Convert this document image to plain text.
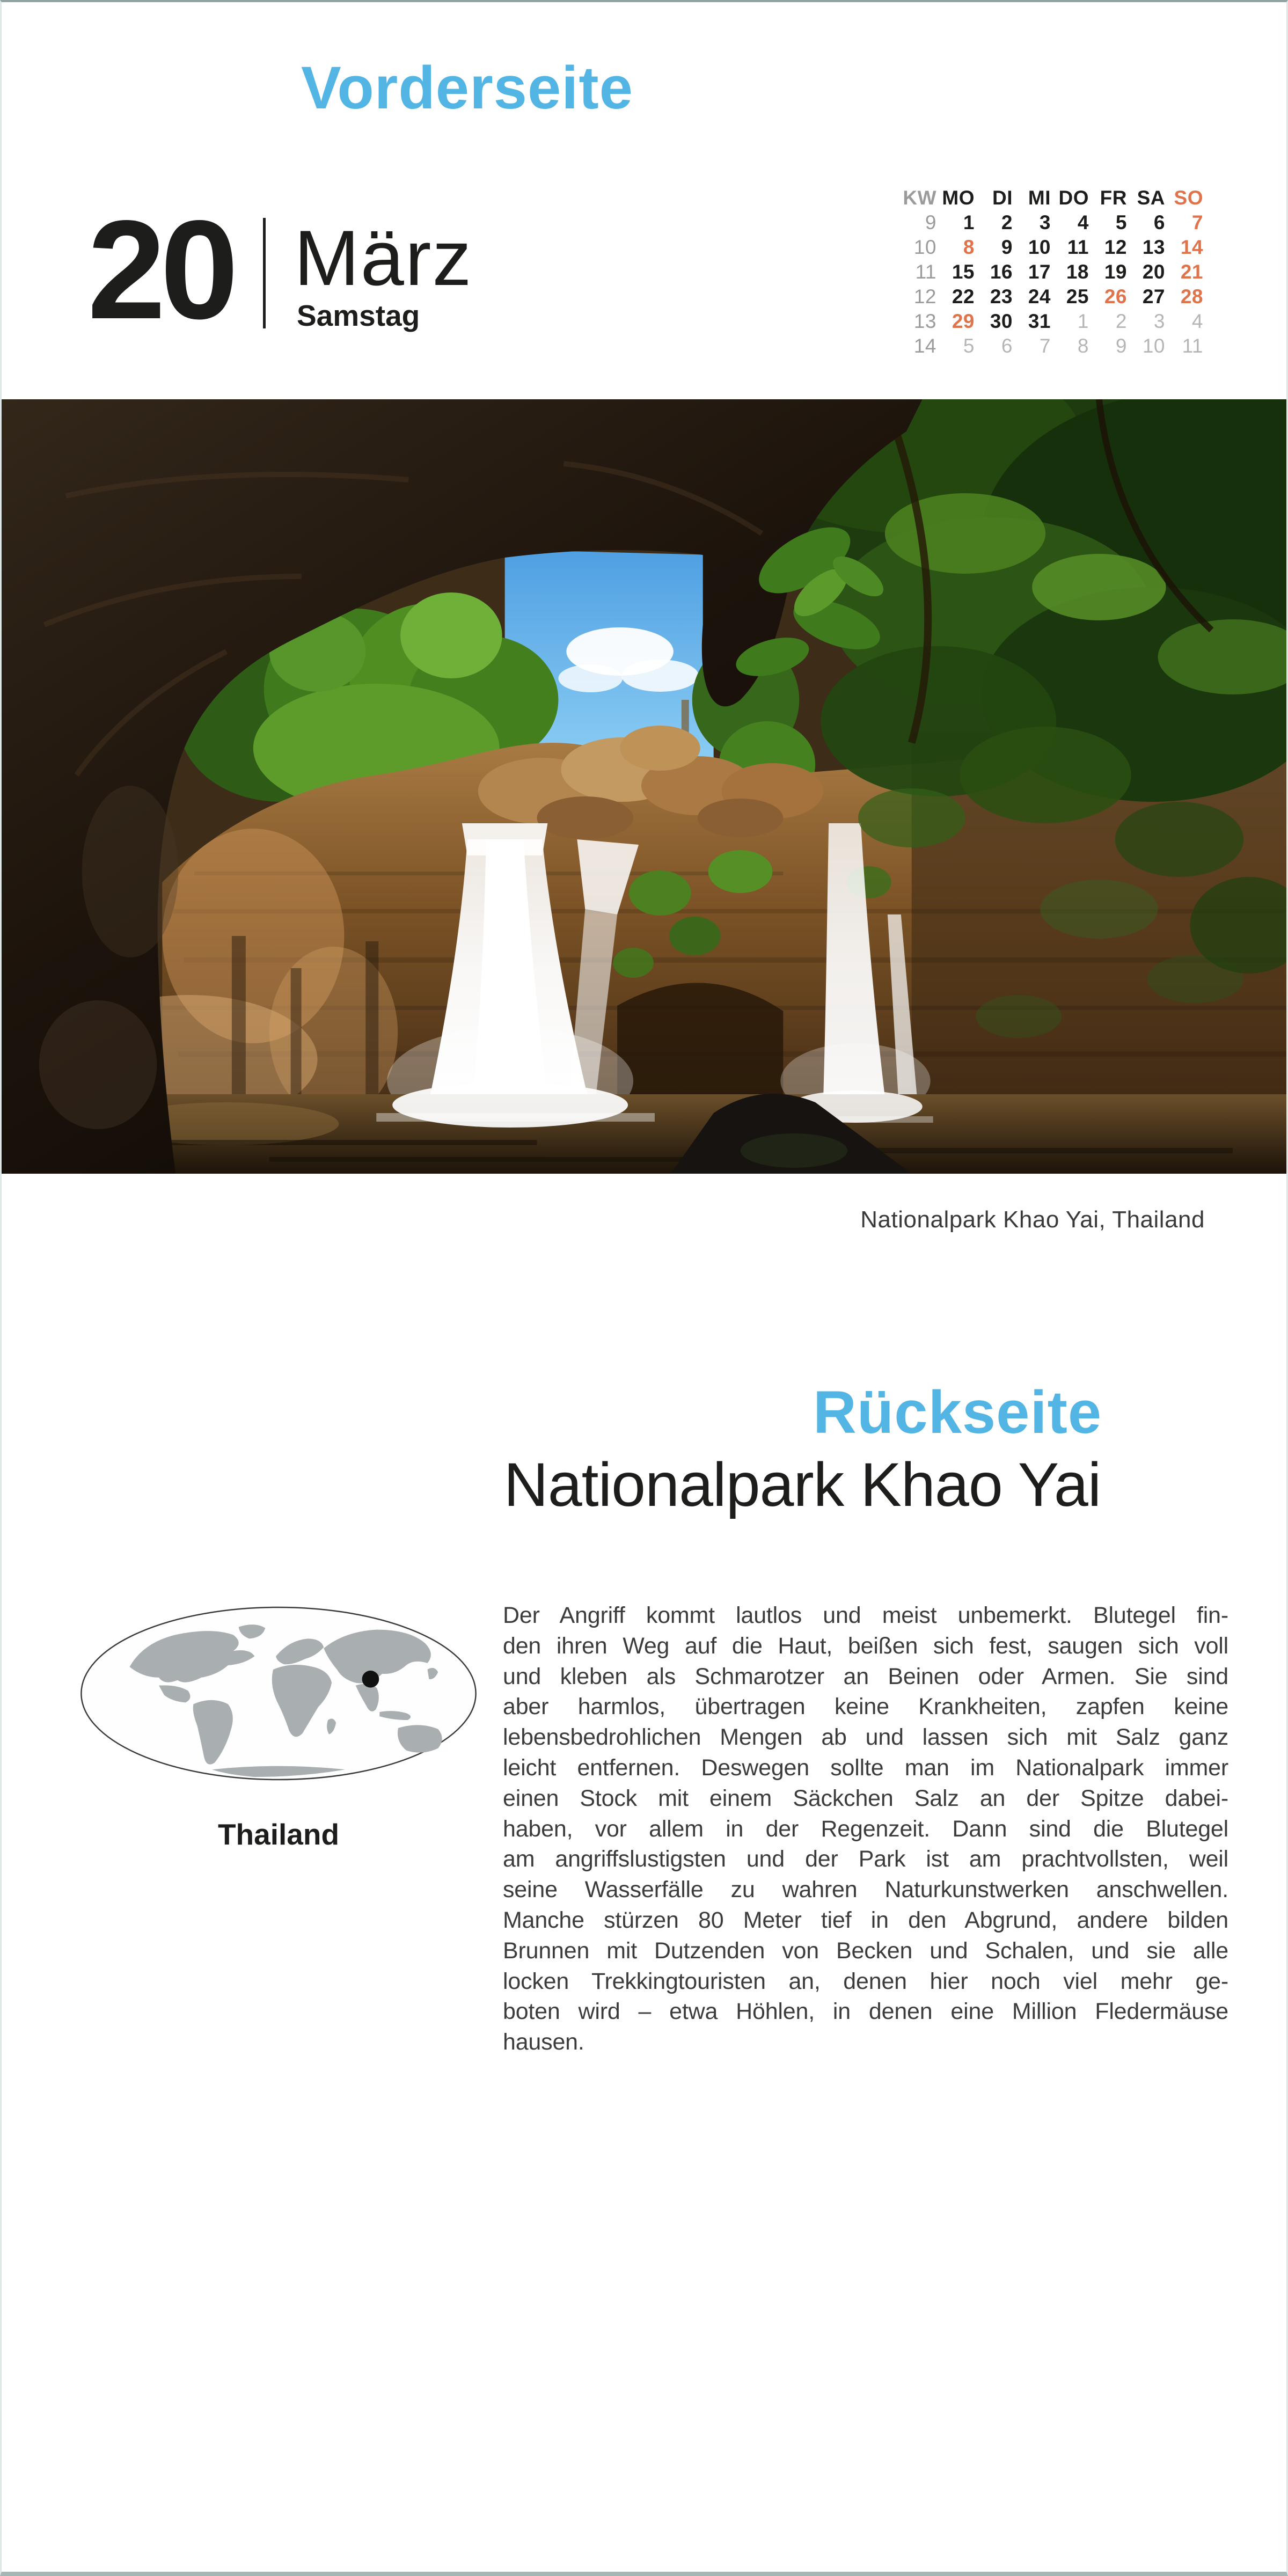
Vorderseite
20 März
Samstag
KW MO DI MI DO FR SA SO
9	1	2	3	4	5	6	7
10	8	9 10 11 12 13 14
11 15 16 17 18 19 20 21
12 22 23 24 25 26 27 28
13 29 30 31	1	2	3	4
14	5	6	7	8	9 10 11
Nationalpark Khao Yai, Thailand
Rückseite
Nationalpark Khao Yai
Thailand
Der Angriff kommt lautlos und meist unbemerkt. Blutegel fin-
den ihren Weg auf die Haut, beißen sich fest, saugen sich voll
und kleben als Schmarotzer an Beinen oder Armen. Sie sind
aber harmlos, übertragen keine Krankheiten, zapfen keine
lebensbedrohlichen Mengen ab und lassen sich mit Salz ganz
leicht entfernen. Deswegen sollte man im Nationalpark immer
einen Stock mit einem Säckchen Salz an der Spitze dabei-
haben, vor allem in der Regenzeit. Dann sind die Blutegel
am angriffslustigsten und der Park ist am prachtvollsten, weil
seine Wasserfälle zu wahren Naturkunstwerken anschwellen.
Manche stürzen 80 Meter tief in den Abgrund, andere bilden
Brunnen mit Dutzenden von Becken und Schalen, und sie alle
locken Trekkingtouristen an, denen hier noch viel mehr ge-
boten wird – etwa Höhlen, in denen eine Million Fledermäuse
hausen.
